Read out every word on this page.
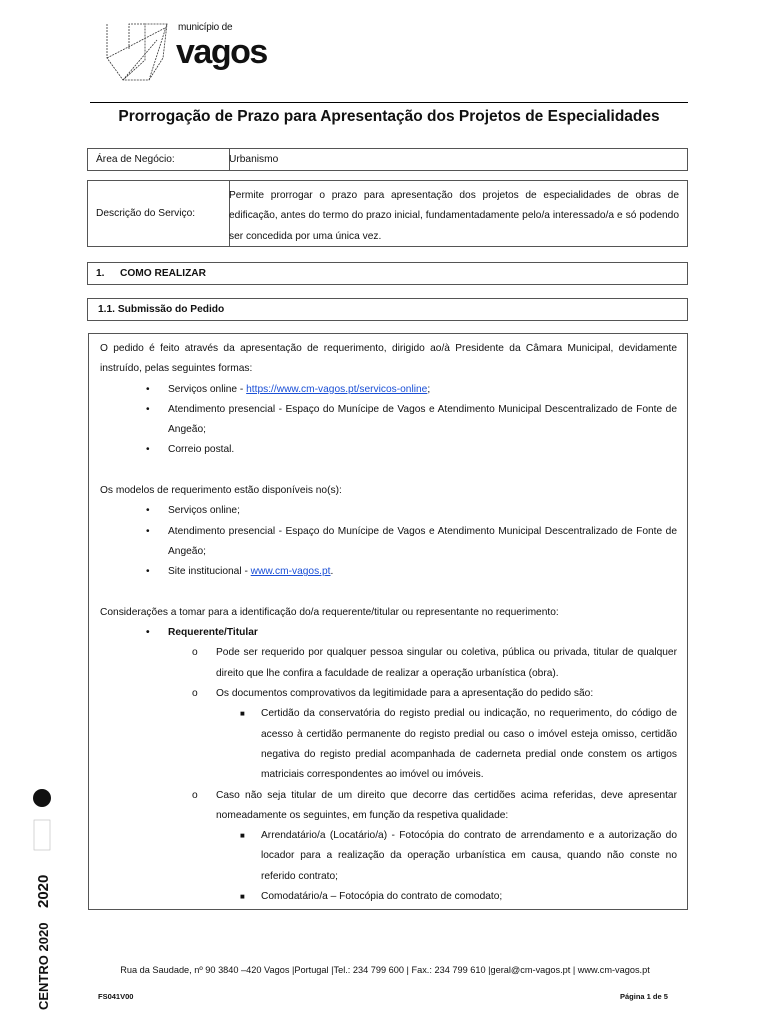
município de
vagos
Prorrogação de Prazo para Apresentação dos Projetos de Especialidades
Área de Negócio:	Urbanismo
Descrição do Serviço:
Permite prorrogar o prazo para apresentação dos projetos de especialidades de obras de edificação, antes do termo do prazo inicial, fundamentadamente pelo/a interessado/a e só podendo ser concedida por uma única vez.
1.	COMO REALIZAR
1.1. Submissão do Pedido

O pedido é feito através da apresentação de requerimento, dirigido ao/à Presidente da Câmara Municipal, devidamente instruído, pelas seguintes formas:

• Serviços online - https://www.cm-vagos.pt/servicos-online;
• Atendimento presencial - Espaço do Munícipe de Vagos e Atendimento Municipal Descentralizado de Fonte de Angeão;
• Correio postal.

Os modelos de requerimento estão disponíveis no(s):

• Serviços online;
• Atendimento presencial - Espaço do Munícipe de Vagos e Atendimento Municipal Descentralizado de Fonte de Angeão;
• Site institucional - www.cm-vagos.pt.

Considerações a tomar para a identificação do/a requerente/titular ou representante no requerimento:

• Requerente/Titular
o Pode ser requerido por qualquer pessoa singular ou coletiva, pública ou privada, titular de qualquer direito que lhe confira a faculdade de realizar a operação urbanística (obra).
o Os documentos comprovativos da legitimidade para a apresentação do pedido são:
■ Certidão da conservatória do registo predial ou indicação, no requerimento, do código de acesso à certidão permanente do registo predial ou caso o imóvel esteja omisso, certidão negativa do registo predial acompanhada de caderneta predial onde constem os artigos matriciais correspondentes ao imóvel ou imóveis.
o Caso não seja titular de um direito que decorre das certidões acima referidas, deve apresentar nomeadamente os seguintes, em função da respetiva qualidade:
■ Arrendatário/a (Locatário/a) - Fotocópia do contrato de arrendamento e a autorização do locador para a realização da operação urbanística em causa, quando não conste no referido contrato;
■ Comodatário/a – Fotocópia do contrato de comodato;
2020
CENTRO 2020	Rua da Saudade, nº 90 3840 –420 Vagos |Portugal |Tel.: 234 799 600 | Fax.: 234 799 610 |geral@cm-vagos.pt | www.cm-vagos.pt
FS041V00	Página 1 de 5
